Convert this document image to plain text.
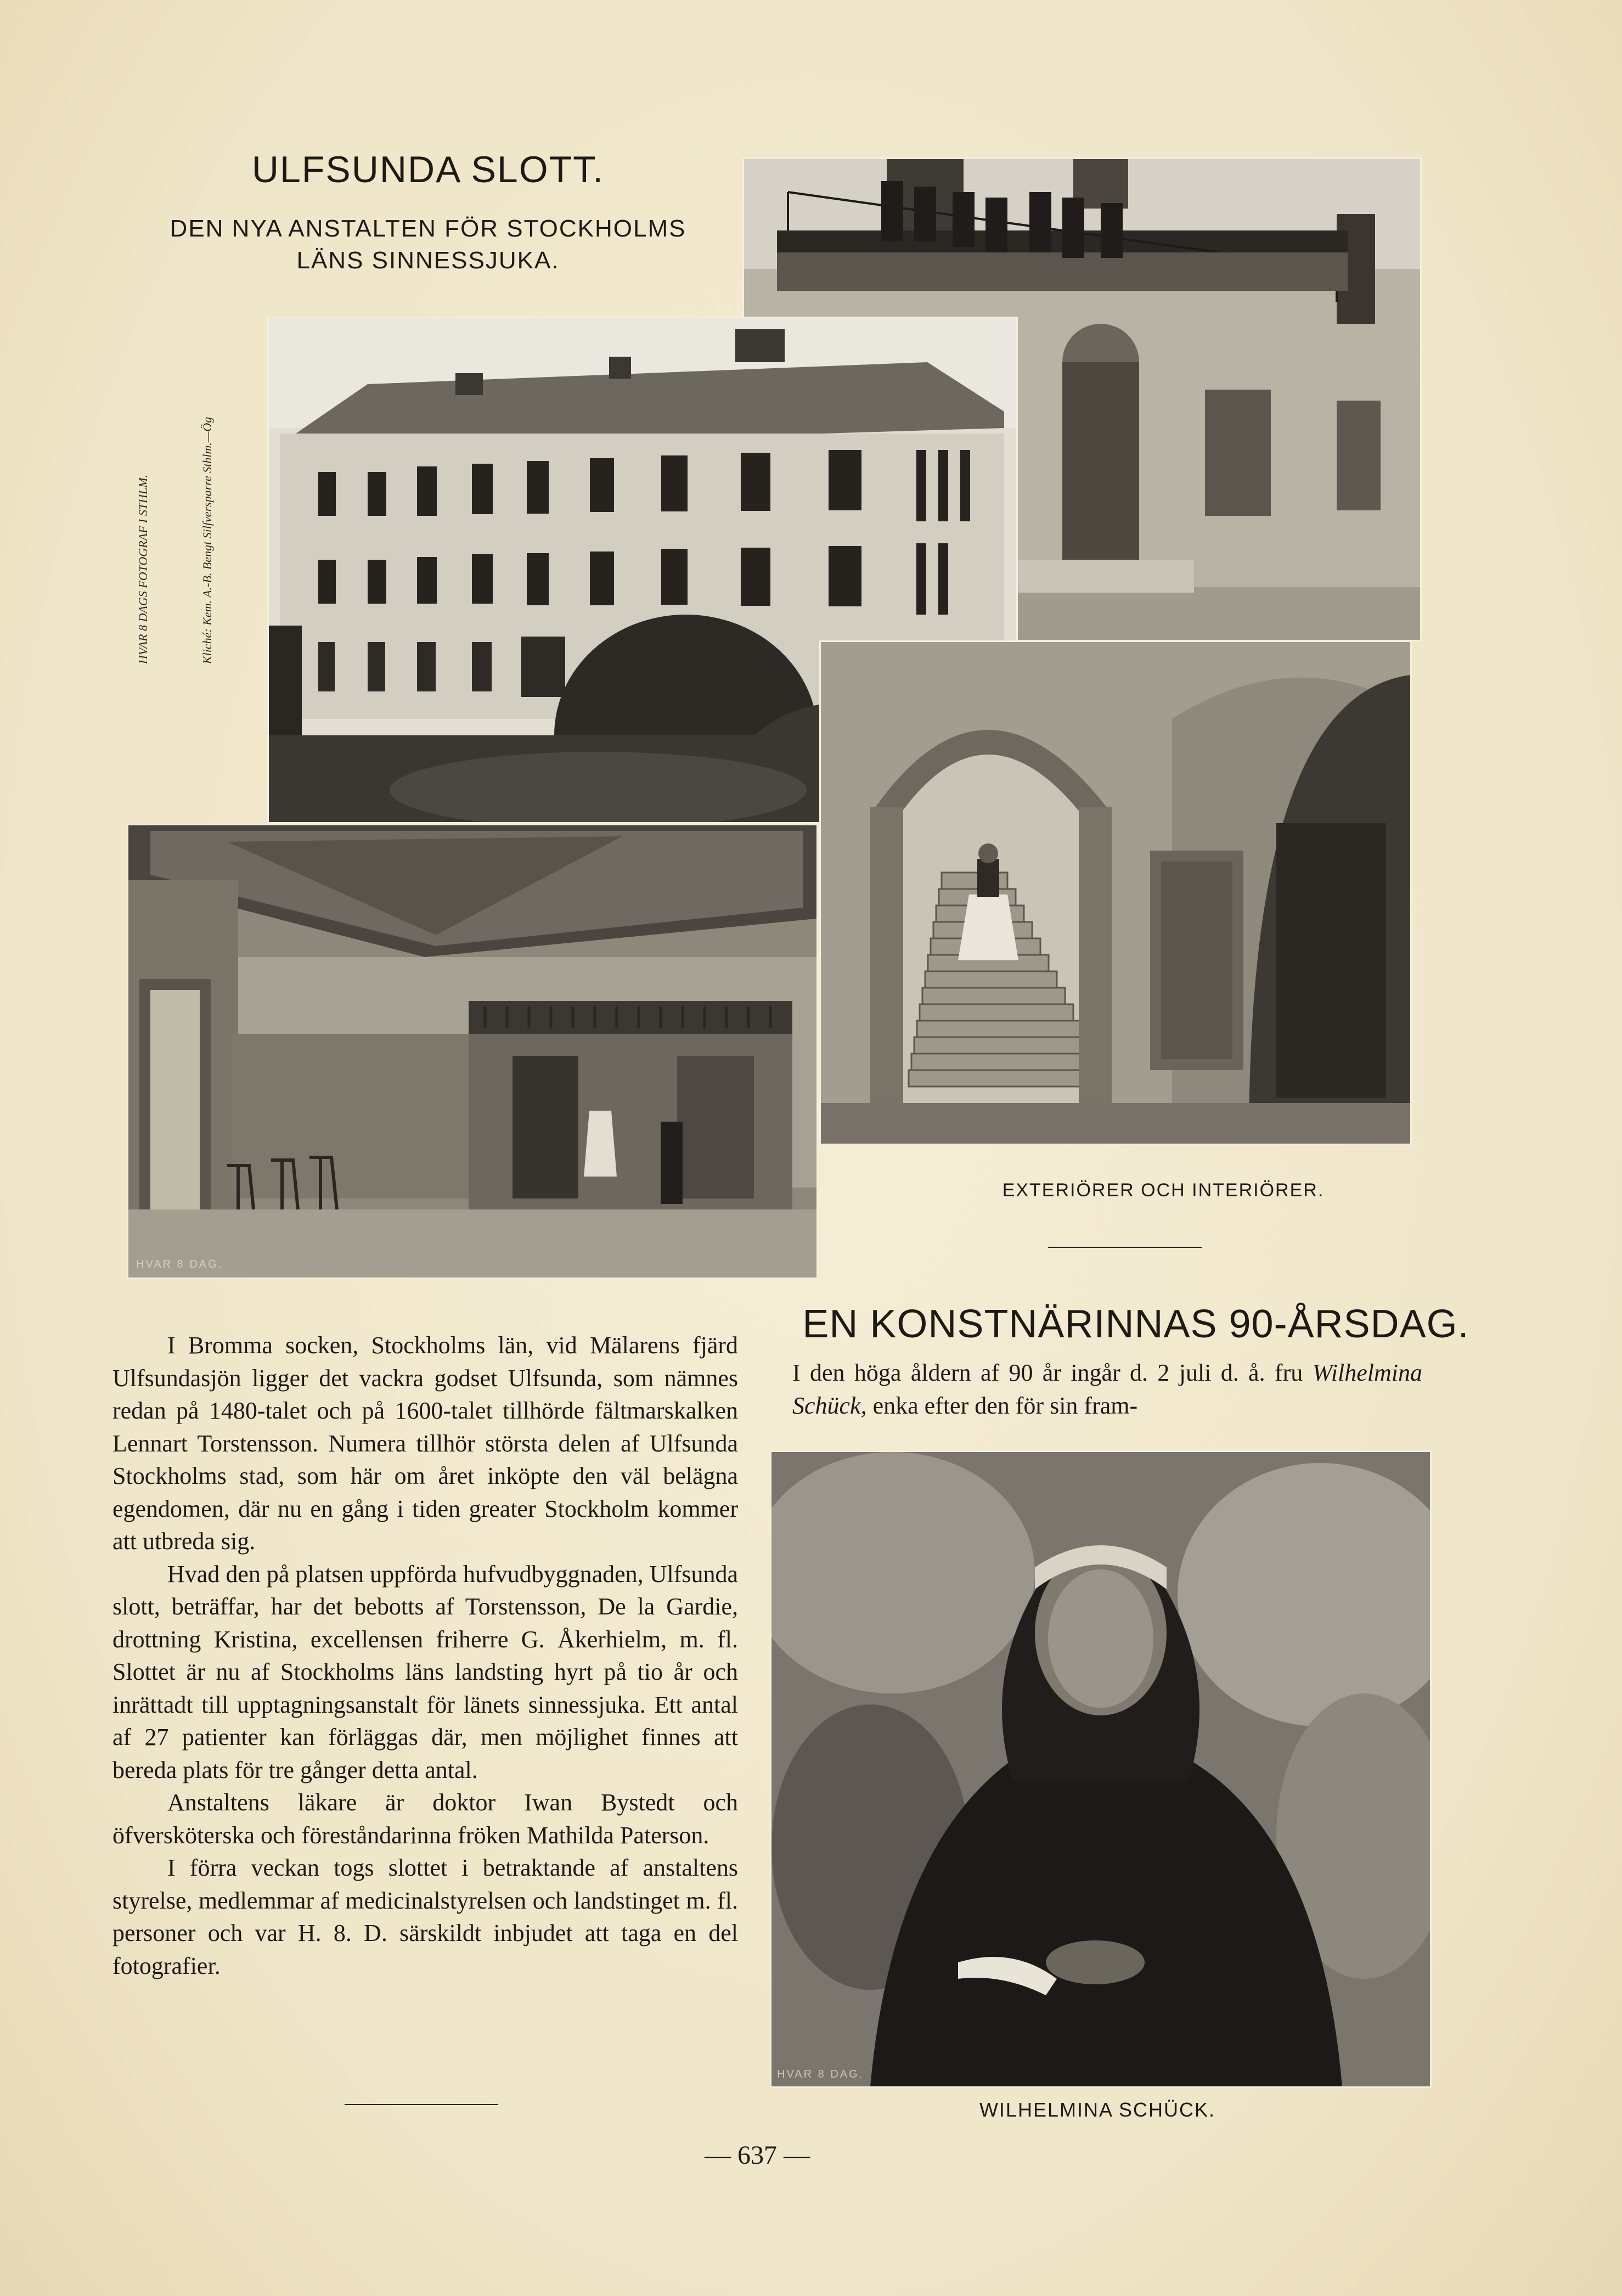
ULFSUNDA SLOTT.
DEN NYA ANSTALTEN FÖR STOCKHOLMS
LÄNS SINNESSJUKA.
HVAR 8 DAGS FOTOGRAF I STHLM.	Kliché: Kem. A.-B. Bengt Silfversparre Sthlm.—Ög
HVAR 8 DAG.
EXTERIÖRER OCH INTERIÖRER.
EN KONSTNÄRINNAS 90-ÅRSDAG.
I den höga åldern af 90 år ingår d. 2 juli d. å. fru Wilhelmina Schück, enka efter den för sin fram-
HVAR 8 DAG.
WILHELMINA SCHÜCK.

I Bromma socken, Stockholms län, vid Mälarens fjärd Ulfsundasjön ligger det vackra godset Ulfsunda, som nämnes redan på 1480-talet och på 1600-talet tillhörde fältmarskalken Lennart Torstensson. Numera tillhör största delen af Ulfsunda Stockholms stad, som här om året inköpte den väl belägna egendomen, där nu en gång i tiden greater Stockholm kommer att utbreda sig.

Hvad den på platsen uppförda hufvudbyggnaden, Ulfsunda slott, beträffar, har det bebotts af Torstensson, De la Gardie, drottning Kristina, excellensen friherre G. Åkerhielm, m. fl. Slottet är nu af Stockholms läns landsting hyrt på tio år och inrättadt till upptagningsanstalt för länets sinnessjuka. Ett antal af 27 patienter kan förläggas där, men möjlighet finnes att bereda plats för tre gånger detta antal.

Anstaltens läkare är doktor Iwan Bystedt och öfversköterska och föreståndarinna fröken Mathilda Paterson.

I förra veckan togs slottet i betraktande af anstaltens styrelse, medlemmar af medicinalstyrelsen och landstinget m. fl. personer och var H. 8. D. särskildt inbjudet att taga en del fotografier.

— 637 —
